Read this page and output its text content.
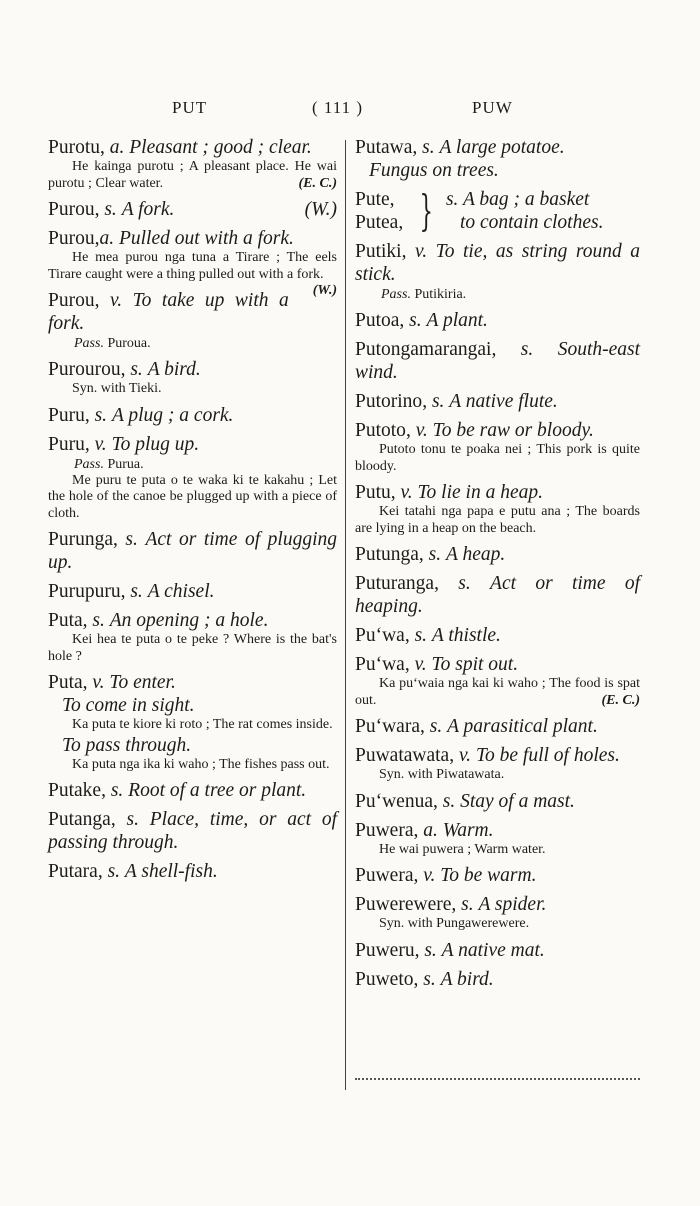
PUT	( 111 )	PUW

Purotu, a. Pleasant ; good ; clear.

He kainga purotu ; A pleasant place. He wai purotu ; Clear water.	(E. C.)

Purou, s. A fork.	(W.)

Purou,a. Pulled out with a fork.

He mea purou nga tuna a Tirare ; The eels Tirare caught were a thing pulled out with a fork.
(W.)

Purou, v. To take up with a fork.

Pass. Puroua.

Purourou, s. A bird.

Syn. with Tieki.

Puru, s. A plug ; a cork.

Puru, v. To plug up.

Pass. Purua.

Me puru te puta o te waka ki te kakahu ; Let the hole of the canoe be plugged up with a piece of cloth.

Purunga, s. Act or time of plugging up.

Purupuru, s. A chisel.

Puta, s. An opening ; a hole.

Kei hea te puta o te peke ? Where is the bat's hole ?

Puta, v. To enter.

To come in sight.

Ka puta te kiore ki roto ; The rat comes inside.

To pass through.

Ka puta nga ika ki waho ; The fishes pass out.

Putake, s. Root of a tree or plant.

Putanga, s. Place, time, or act of passing through.

Putara, s. A shell-fish.

Putawa, s. A large potatoe.

Fungus on trees.

Pute,
Putea, } s. A bag ; a basket
to contain clothes.

Putiki, v. To tie, as string round a stick.

Pass. Putikiria.

Putoa, s. A plant.

Putongamarangai, s. South-east wind.

Putorino, s. A native flute.

Putoto, v. To be raw or bloody.

Putoto tonu te poaka nei ; This pork is quite bloody.

Putu, v. To lie in a heap.

Kei tatahi nga papa e putu ana ; The boards are lying in a heap on the beach.

Putunga, s. A heap.

Puturanga, s. Act or time of heaping.

Pu‘wa, s. A thistle.

Pu‘wa, v. To spit out.

Ka pu‘waia nga kai ki waho ; The food is spat out.	(E. C.)

Pu‘wara, s. A parasitical plant.

Puwatawata, v. To be full of holes.

Syn. with Piwatawata.

Pu‘wenua, s. Stay of a mast.

Puwera, a. Warm.

He wai puwera ; Warm water.

Puwera, v. To be warm.

Puwerewere, s. A spider.

Syn. with Pungawerewere.

Puweru, s. A native mat.

Puweto, s. A bird.
